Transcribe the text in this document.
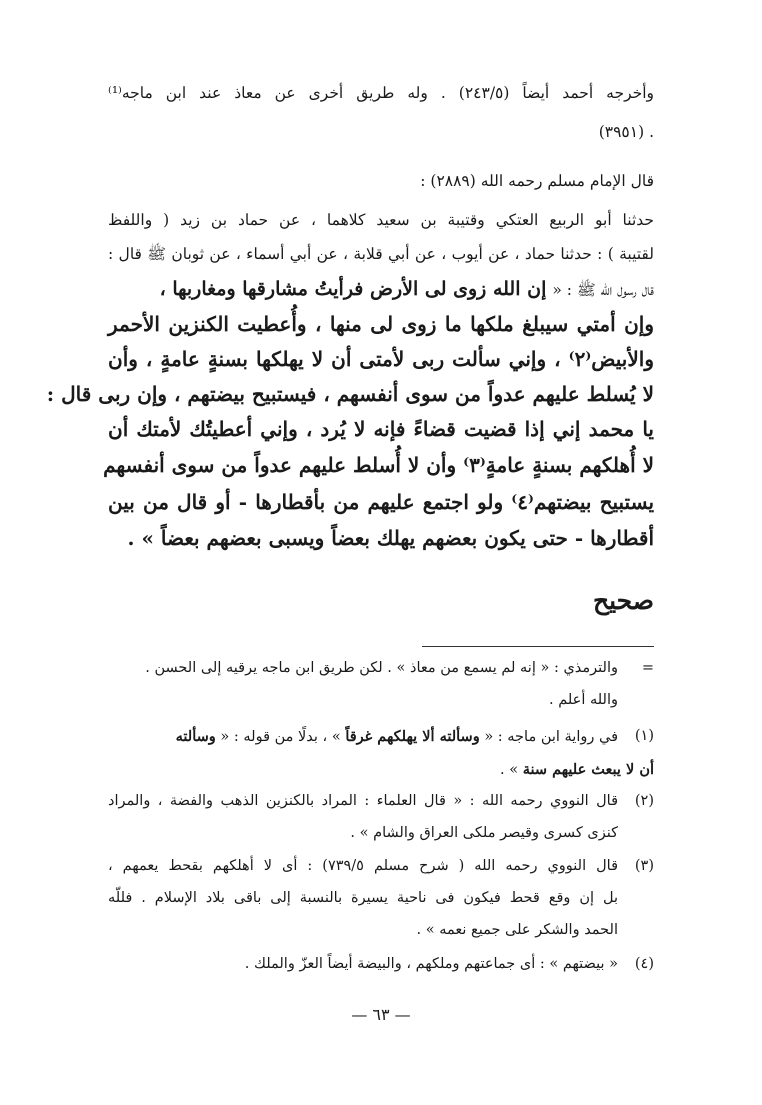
وأخرجه أحمد أيضاً (٢٤٣/٥) . وله طريق أخرى عن معاذ عند ابن ماجه⁽¹⁾
. (٣٩٥١)
قال الإمام مسلم رحمه الله (٢٨٨٩) :
حدثنا أبو الربيع العتكي وقتيبة بن سعيد كلاهما ، عن حماد بن زيد ( واللفظ
لقتيبة ) : حدثنا حماد ، عن أيوب ، عن أبي قلابة ، عن أبي أسماء ، عن ثوبان ﷺ قال :
قال رسول الله ﷺ : « إن الله زوى لى الأرض فرأيتُ مشارقها ومغاربها ،
وإن أمتي سيبلغ ملكها ما زوى لى منها ، وأُعطيت الكنزين الأحمر
والأبيض⁽٢⁾ ، وإني سألت ربى لأمتى أن لا يهلكها بسنةٍ عامةٍ ، وأن
لا يُسلط عليهم عدواً من سوى أنفسهم ، فيستبيح بيضتهم ، وإن ربى قال :
يا محمد إني إذا قضيت قضاءً فإنه لا يُرد ، وإني أعطيتُك لأمتك أن
لا أُهلكهم بسنةٍ عامةٍ⁽٣⁾ وأن لا أُسلط عليهم عدواً من سوى أنفسهم
يستبيح بيضتهم⁽٤⁾ ولو اجتمع عليهم من بأقطارها - أو قال من بين
أقطارها - حتى يكون بعضهم يهلك بعضاً ويسبى بعضهم بعضاً » .
صحيح
=
والترمذي : « إنه لم يسمع من معاذ » . لكن طريق ابن ماجه يرقيه إلى الحسن .
والله أعلم .
(١)
في رواية ابن ماجه : « وسألته ألا يهلكهم غرقاً » ، بدلًا من قوله : « وسألته
أن لا يبعث عليهم سنة » .
(٢)
قال النووي رحمه الله : « قال العلماء : المراد بالكنزين الذهب والفضة ، والمراد
كنزى كسرى وقيصر ملكى العراق والشام » .
(٣)
قال النووي رحمه الله ( شرح مسلم ٧٣٩/٥) : أى لا أهلكهم بقحط يعمهم ،
بل إن وقع قحط فيكون فى ناحية يسيرة بالنسبة إلى باقى بلاد الإسلام . فللّه
الحمد والشكر على جميع نعمه » .
(٤)
« بيضتهم » : أى جماعتهم وملكهم ، والبيضة أيضاً العزّ والملك .
— ٦٣ —
